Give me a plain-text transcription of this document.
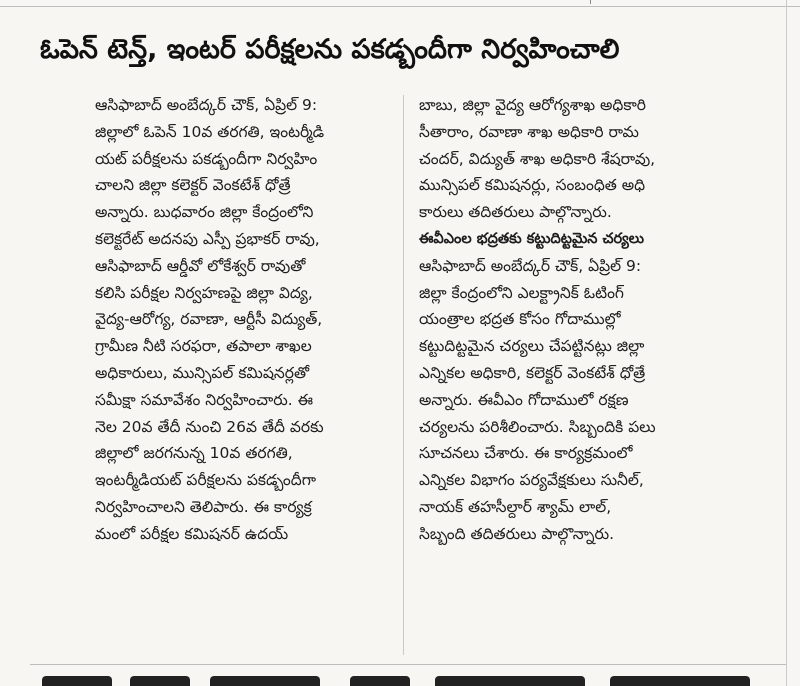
ఓపెన్ టెన్త్, ఇంటర్ పరీక్షలను పకడ్బందీగా నిర్వహించాలి
ఆసిఫాబాద్ అంబేద్కర్ చౌక్, ఏప్రిల్ 9:
జిల్లాలో ఓపెన్ 10వ తరగతి, ఇంటర్మీడి
యట్ పరీక్షలను పకడ్బందీగా నిర్వహిం
చాలని జిల్లా కలెక్టర్ వెంకటేశ్ ధోత్రే
అన్నారు. బుధవారం జిల్లా కేంద్రంలోని
కలెక్టరేట్ అదనపు ఎస్పీ ప్రభాకర్ రావు,
ఆసిఫాబాద్ ఆర్డీవో లోకేశ్వర్ రావుతో
కలిసి పరీక్షల నిర్వహణపై జిల్లా విద్య,
వైద్య-ఆరోగ్య, రవాణా, ఆర్టీసీ విద్యుత్,
గ్రామీణ నీటి సరఫరా, తపాలా శాఖల
అధికారులు, మున్సిపల్ కమిషనర్లతో
సమీక్షా సమావేశం నిర్వహించారు. ఈ
నెల 20వ తేదీ నుంచి 26వ తేదీ వరకు
జిల్లాలో జరగనున్న 10వ తరగతి,
ఇంటర్మీడియట్ పరీక్షలను పకడ్బందీగా
నిర్వహించాలని తెలిపారు. ఈ కార్యక్ర
మంలో పరీక్షల కమిషనర్ ఉదయ్
బాబు, జిల్లా వైద్య ఆరోగ్యశాఖ అధికారి
సీతారాం, రవాణా శాఖ అధికారి రామ
చందర్, విద్యుత్ శాఖ అధికారి శేషరావు,
మున్సిపల్ కమిషనర్లు, సంబంధిత అధి
కారులు తదితరులు పాల్గొన్నారు.
ఈవీఎంల భద్రతకు కట్టుదిట్టమైన చర్యలు
ఆసిఫాబాద్ అంబేద్కర్ చౌక్, ఏప్రిల్ 9:
జిల్లా కేంద్రంలోని ఎలక్ట్రానిక్ ఓటింగ్
యంత్రాల భద్రత కోసం గోదాముల్లో
కట్టుదిట్టమైన చర్యలు చేపట్టినట్లు జిల్లా
ఎన్నికల అధికారి, కలెక్టర్ వెంకటేశ్ ధోత్రే
అన్నారు. ఈవీఎం గోదాములో రక్షణ
చర్యలను పరిశీలించారు. సిబ్బందికి పలు
సూచనలు చేశారు. ఈ కార్యక్రమంలో
ఎన్నికల విభాగం పర్యవేక్షకులు సునీల్,
నాయక్ తహసీల్దార్ శ్యామ్ లాల్,
సిబ్బంది తదితరులు పాల్గొన్నారు.
